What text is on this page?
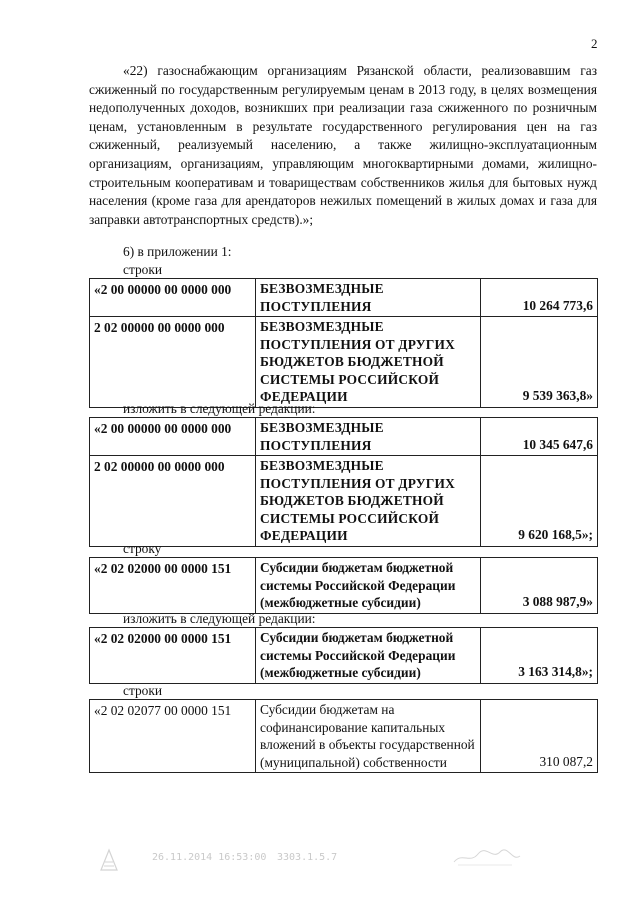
2
«22) газоснабжающим организациям Рязанской области, реализовавшим газ сжиженный по государственным регулируемым ценам в 2013 году, в целях возмещения недополученных доходов, возникших при реализации газа сжиженного по розничным ценам, установленным в результате государственного регулирования цен на газ сжиженный, реализуемый населению, а также жилищно-эксплуатационным организациям, организациям, управляющим многоквартирными домами, жилищно-строительным кооперативам и товариществам собственников жилья для бытовых нужд населения (кроме газа для арендаторов нежилых помещений в жилых домах и газа для заправки автотранспортных средств).»;
6) в приложении 1:
строки
«2 00 00000 00 0000 000	БЕЗВОЗМЕЗДНЫЕ ПОСТУПЛЕНИЯ	10 264 773,6
2 02 00000 00 0000 000	БЕЗВОЗМЕЗДНЫЕ ПОСТУПЛЕНИЯ ОТ ДРУГИХ БЮДЖЕТОВ БЮДЖЕТНОЙ СИСТЕМЫ РОССИЙСКОЙ ФЕДЕРАЦИИ	9 539 363,8»
изложить в следующей редакции:
«2 00 00000 00 0000 000	БЕЗВОЗМЕЗДНЫЕ ПОСТУПЛЕНИЯ	10 345 647,6
2 02 00000 00 0000 000	БЕЗВОЗМЕЗДНЫЕ ПОСТУПЛЕНИЯ ОТ ДРУГИХ БЮДЖЕТОВ БЮДЖЕТНОЙ СИСТЕМЫ РОССИЙСКОЙ ФЕДЕРАЦИИ	9 620 168,5»;
строку
«2 02 02000 00 0000 151	Субсидии бюджетам бюджетной системы Российской Федерации (межбюджетные субсидии)	3 088 987,9»
изложить в следующей редакции:
«2 02 02000 00 0000 151	Субсидии бюджетам бюджетной системы Российской Федерации (межбюджетные субсидии)	3 163 314,8»;
строки
«2 02 02077 00 0000 151	Субсидии бюджетам на софинансирование капитальных вложений в объекты государственной (муниципальной) собственности	310 087,2
26.11.2014 16:53:00 3303.1.5.7
